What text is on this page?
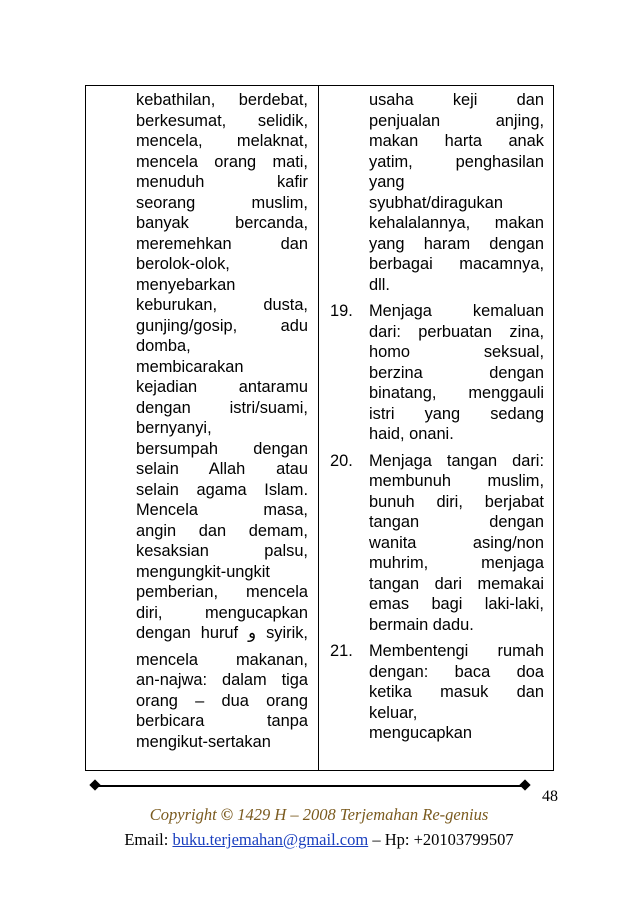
kebathilan, berdebat,
berkesumat, selidik,
mencela, melaknat,
mencela orang mati,
menuduh kafir
seorang muslim,
banyak bercanda,
meremehkan dan
berolok-olok,
menyebarkan
keburukan, dusta,
gunjing/gosip, adu
domba,
membicarakan
kejadian antaramu
dengan istri/suami,
bernyanyi,
bersumpah dengan
selain Allah atau
selain agama Islam.
Mencela masa,
angin dan demam,
kesaksian palsu,
mengungkit-ungkit
pemberian, mencela
diri, mengucapkan
dengan huruf و syirik,
mencela makanan,
an-najwa: dalam tiga
orang – dua orang
berbicara tanpa
mengikut-sertakan
usaha keji dan
penjualan anjing,
makan harta anak
yatim, penghasilan
yang
syubhat/diragukan
kehalalannya, makan
yang haram dengan
berbagai macamnya,
dll.
19. Menjaga kemaluan
dari: perbuatan zina,
homo seksual,
berzina dengan
binatang, menggauli
istri yang sedang
haid, onani.
20. Menjaga tangan dari:
membunuh muslim,
bunuh diri, berjabat
tangan dengan
wanita asing/non
muhrim, menjaga
tangan dari memakai
emas bagi laki-laki,
bermain dadu.
21. Membentengi rumah
dengan: baca doa
ketika masuk dan
keluar,
mengucapkan
48
Copyright © 1429 H – 2008 Terjemahan Re-genius
Email: buku.terjemahan@gmail.com – Hp: +20103799507
